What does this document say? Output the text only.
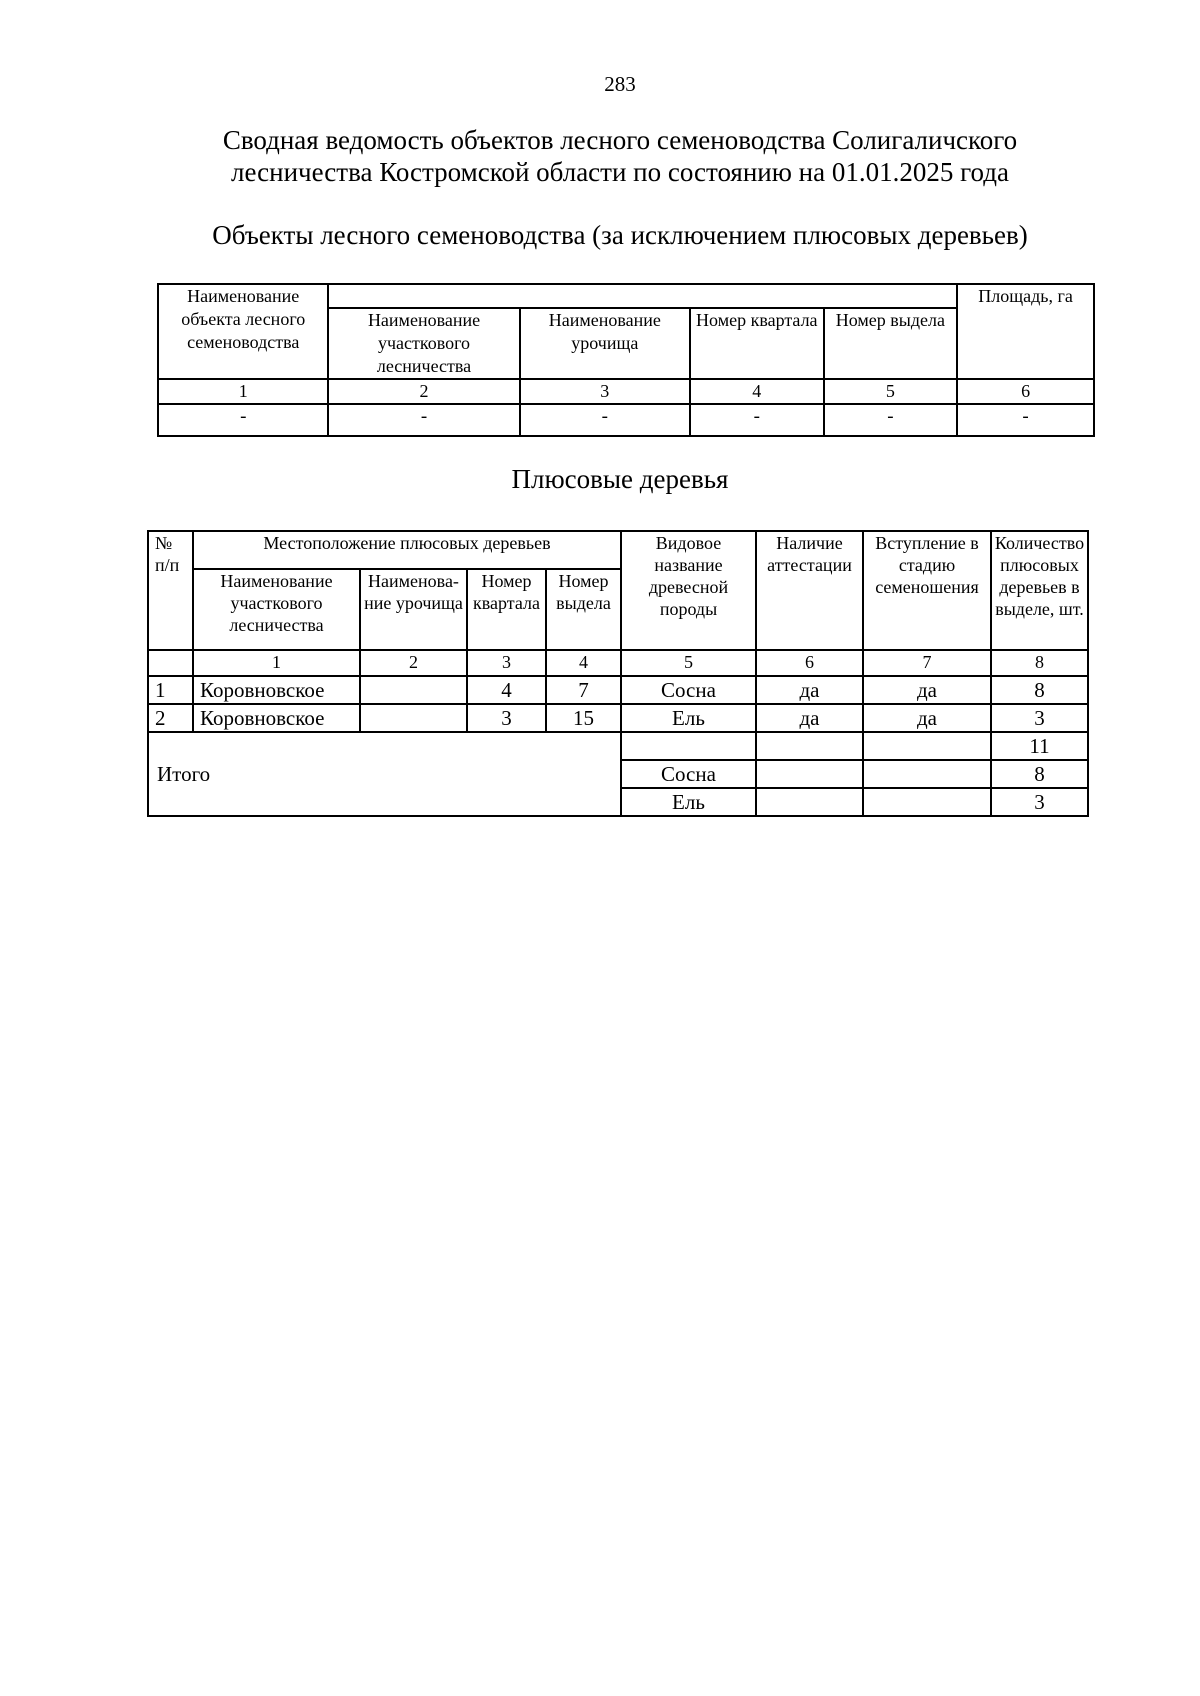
283
Сводная ведомость объектов лесного семеноводства Солигаличского
лесничества Костромской области по состоянию на 01.01.2025 года
Объекты лесного семеноводства (за исключением плюсовых деревьев)
Наименование объекта лесного семеноводства					Площадь, га
	Наименование участкового лесничества	Наименование урочища	Номер квартала	Номер выдела	
1	2	3	4	5	6
-	-	-	-	-	-
Плюсовые деревья
№ п/п	Местоположение плюсовых деревьев				Видовое название древесной породы	Наличие аттестации	Вступление в стадию семеношения	Количество плюсовых деревьев в выделе, шт.
	Наименование участкового лесничества	Наименова- ние урочища	Номер квартала	Номер выдела				
	1	2	3	4	5	6	7	8
1	Коровновское		4	7	Сосна	да	да	8
2	Коровновское		3	15	Ель	да	да	3
Итого								11
					Сосна			8
					Ель			3
